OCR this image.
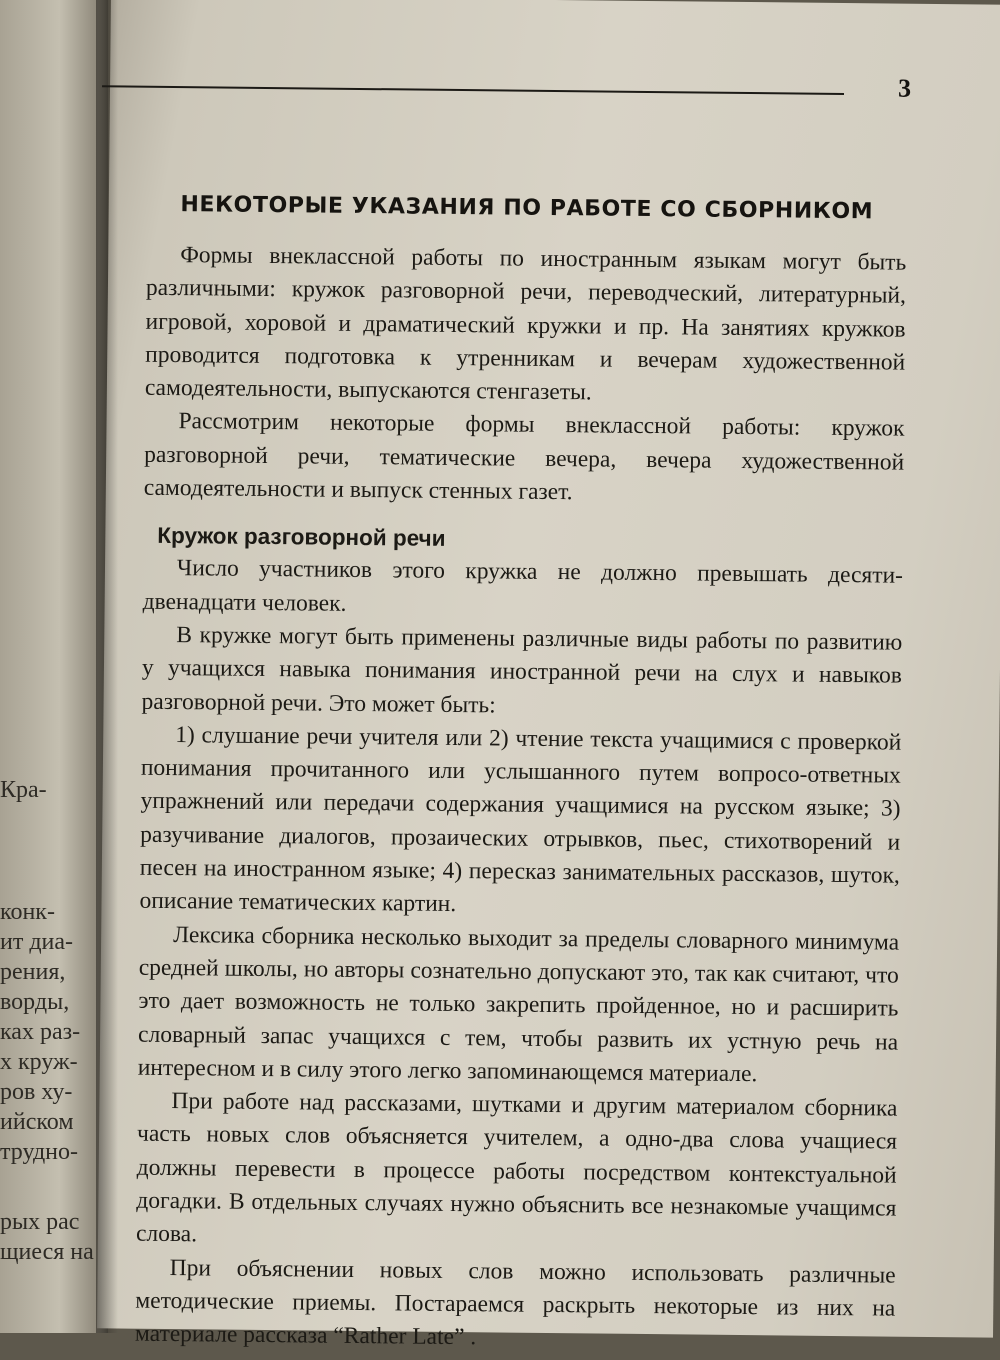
Кра-

конк-

ит диа-

рения,

ворды,

ках раз-

х круж-

ров ху-

ийском

трудно-

рых рас

щиеся на

3

НЕКОТОРЫЕ УКАЗАНИЯ ПО РАБОТЕ СО СБОРНИКОМ

Формы внеклассной работы по иностранным языкам могут быть различными: кружок разговорной речи, переводческий, литературный, игровой, хоровой и драматический кружки и пр. На занятиях кружков проводится подготовка к утренникам и вечерам художественной самодеятельности, выпускаются стенгазеты.

Рассмотрим некоторые формы внеклассной работы: кружок разговорной речи, тематические вечера, вечера художественной самодеятельности и выпуск стенных газет.

Кружок разговорной речи

Число участников этого кружка не должно превышать десяти-двенадцати человек.

В кружке могут быть применены различные виды работы по развитию у учащихся навыка понимания иностранной речи на слух и навыков разговорной речи. Это может быть:

1) слушание речи учителя или 2) чтение текста учащимися с проверкой понимания прочитанного или услышанного путем вопросо-ответных упражнений или передачи содержания учащимися на русском языке; 3) разучивание диалогов, прозаических отрывков, пьес, стихотворений и песен на иностранном языке; 4) пересказ занимательных рассказов, шуток, описание тематических картин.

Лексика сборника несколько выходит за пределы словарного минимума средней школы, но авторы сознательно допускают это, так как считают, что это дает возможность не только закрепить пройденное, но и расширить словарный запас учащихся с тем, чтобы развить их устную речь на интересном и в силу этого легко запоминающемся материале.

При работе над рассказами, шутками и другим материалом сборника часть новых слов объясняется учителем, а одно-два слова учащиеся должны перевести в процессе работы посредством контекстуальной догадки. В отдельных случаях нужно объяснить все незнакомые учащимся слова.

При объяснении новых слов можно использовать различные методические приемы. Постараемся раскрыть некоторые из них на материале рассказа “Rather Late” .
